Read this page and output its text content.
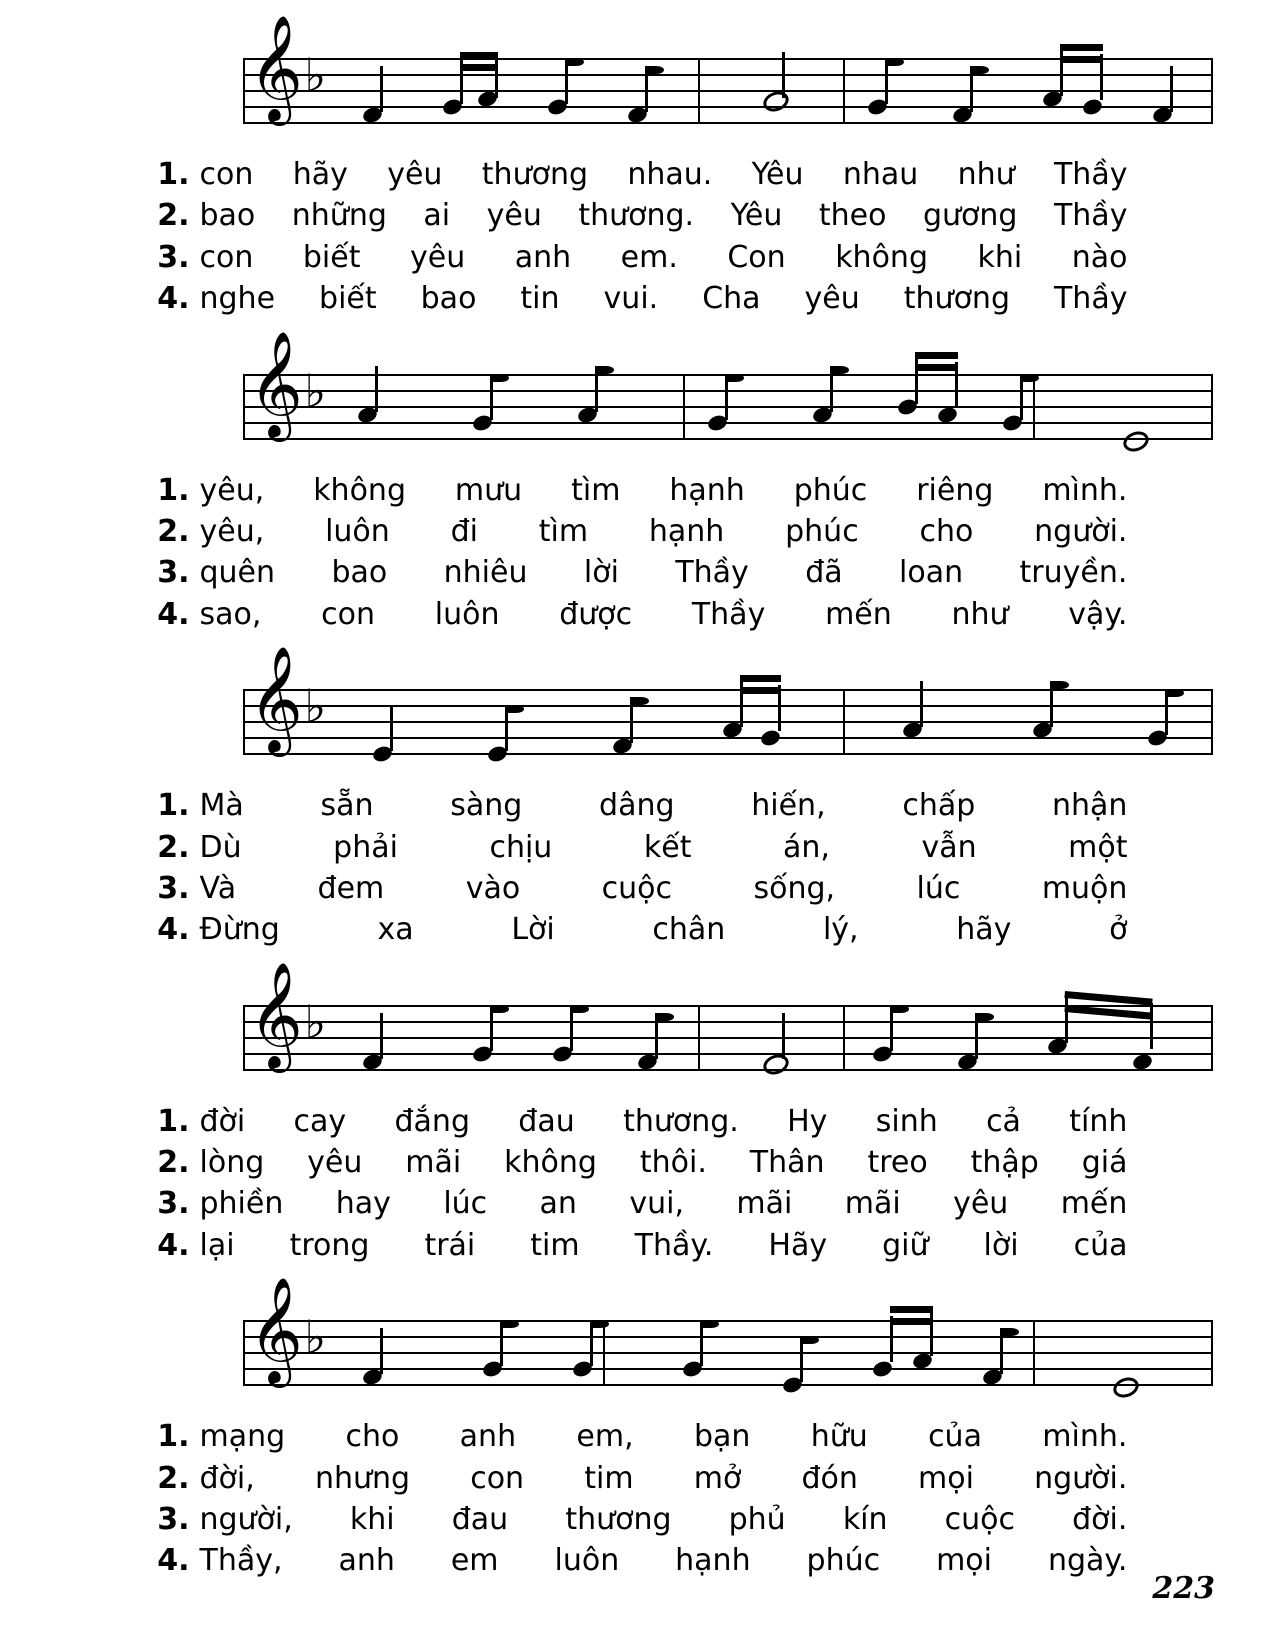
𝄞 ♭
1. con hãy yêu thương nhau. Yêu nhau như Thầy
2. bao những ai yêu thương. Yêu theo gương Thầy
3. con biết yêu anh em. Con không khi nào
4. nghe biết bao tin vui. Cha yêu thương Thầy
𝄞 ♭
1. yêu, không mưu tìm hạnh phúc riêng mình.
2. yêu, luôn đi tìm hạnh phúc cho người.
3. quên bao nhiêu lời Thầy đã loan truyền.
4. sao, con luôn được Thầy mến như vậy.
𝄞 ♭
1. Mà	sẵn	sàng	dâng	hiến,	chấp	nhận
2. Dù	phải	chịu	kết	án,	vẫn	một
3. Và	đem	vào	cuộc	sống,	lúc	muộn
4. Đừng	xa	Lời	chân	lý,	hãy	ở
𝄞 ♭
1. đời cay đắng đau thương. Hy sinh cả tính
2. lòng yêu mãi không thôi. Thân treo thập giá
3. phiền hay lúc an vui, mãi mãi yêu mến
4. lại trong trái tim Thầy. Hãy giữ lời của
𝄞 ♭
1. mạng cho anh em, bạn hữu của mình.
2. đời, nhưng con tim mở đón mọi người.
3. người, khi đau thương phủ kín cuộc đời.
4. Thầy, anh em luôn hạnh phúc mọi ngày.
223
